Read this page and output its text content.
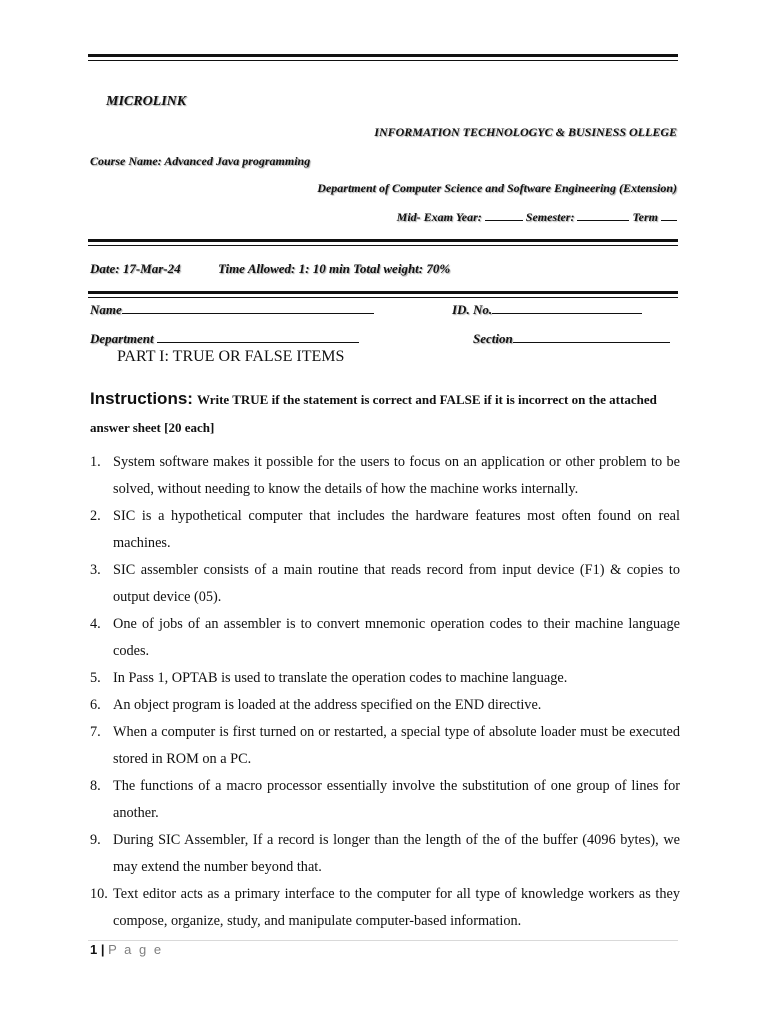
MICROLINK
INFORMATION TECHNOLOGYC & BUSINESS OLLEGE
Course Name: Advanced Java programming
Department of Computer Science and Software Engineering (Extension)
Mid- Exam Year:	Semester:	Term
Date: 17-Mar-24	Time Allowed: 1: 10 min Total weight: 70%
Name	ID. No.
Department	Section
PART I: TRUE OR FALSE ITEMS
Instructions: Write TRUE if the statement is correct and FALSE if it is incorrect on the attached answer sheet [20 each]
1. System software makes it possible for the users to focus on an application or other problem to be solved, without needing to know the details of how the machine works internally.
2. SIC is a hypothetical computer that includes the hardware features most often found on real machines.
3. SIC assembler consists of a main routine that reads record from input device (F1) & copies to output device (05).
4. One of jobs of an assembler is to convert mnemonic operation codes to their machine language codes.
5. In Pass 1, OPTAB is used to translate the operation codes to machine language.
6. An object program is loaded at the address specified on the END directive.
7. When a computer is first turned on or restarted, a special type of absolute loader must be executed stored in ROM on a PC.
8. The functions of a macro processor essentially involve the substitution of one group of lines for another.
9. During SIC Assembler, If a record is longer than the length of the of the buffer (4096 bytes), we may extend the number beyond that.
10. Text editor acts as a primary interface to the computer for all type of knowledge workers as they compose, organize, study, and manipulate computer-based information.
1 | P a g e
